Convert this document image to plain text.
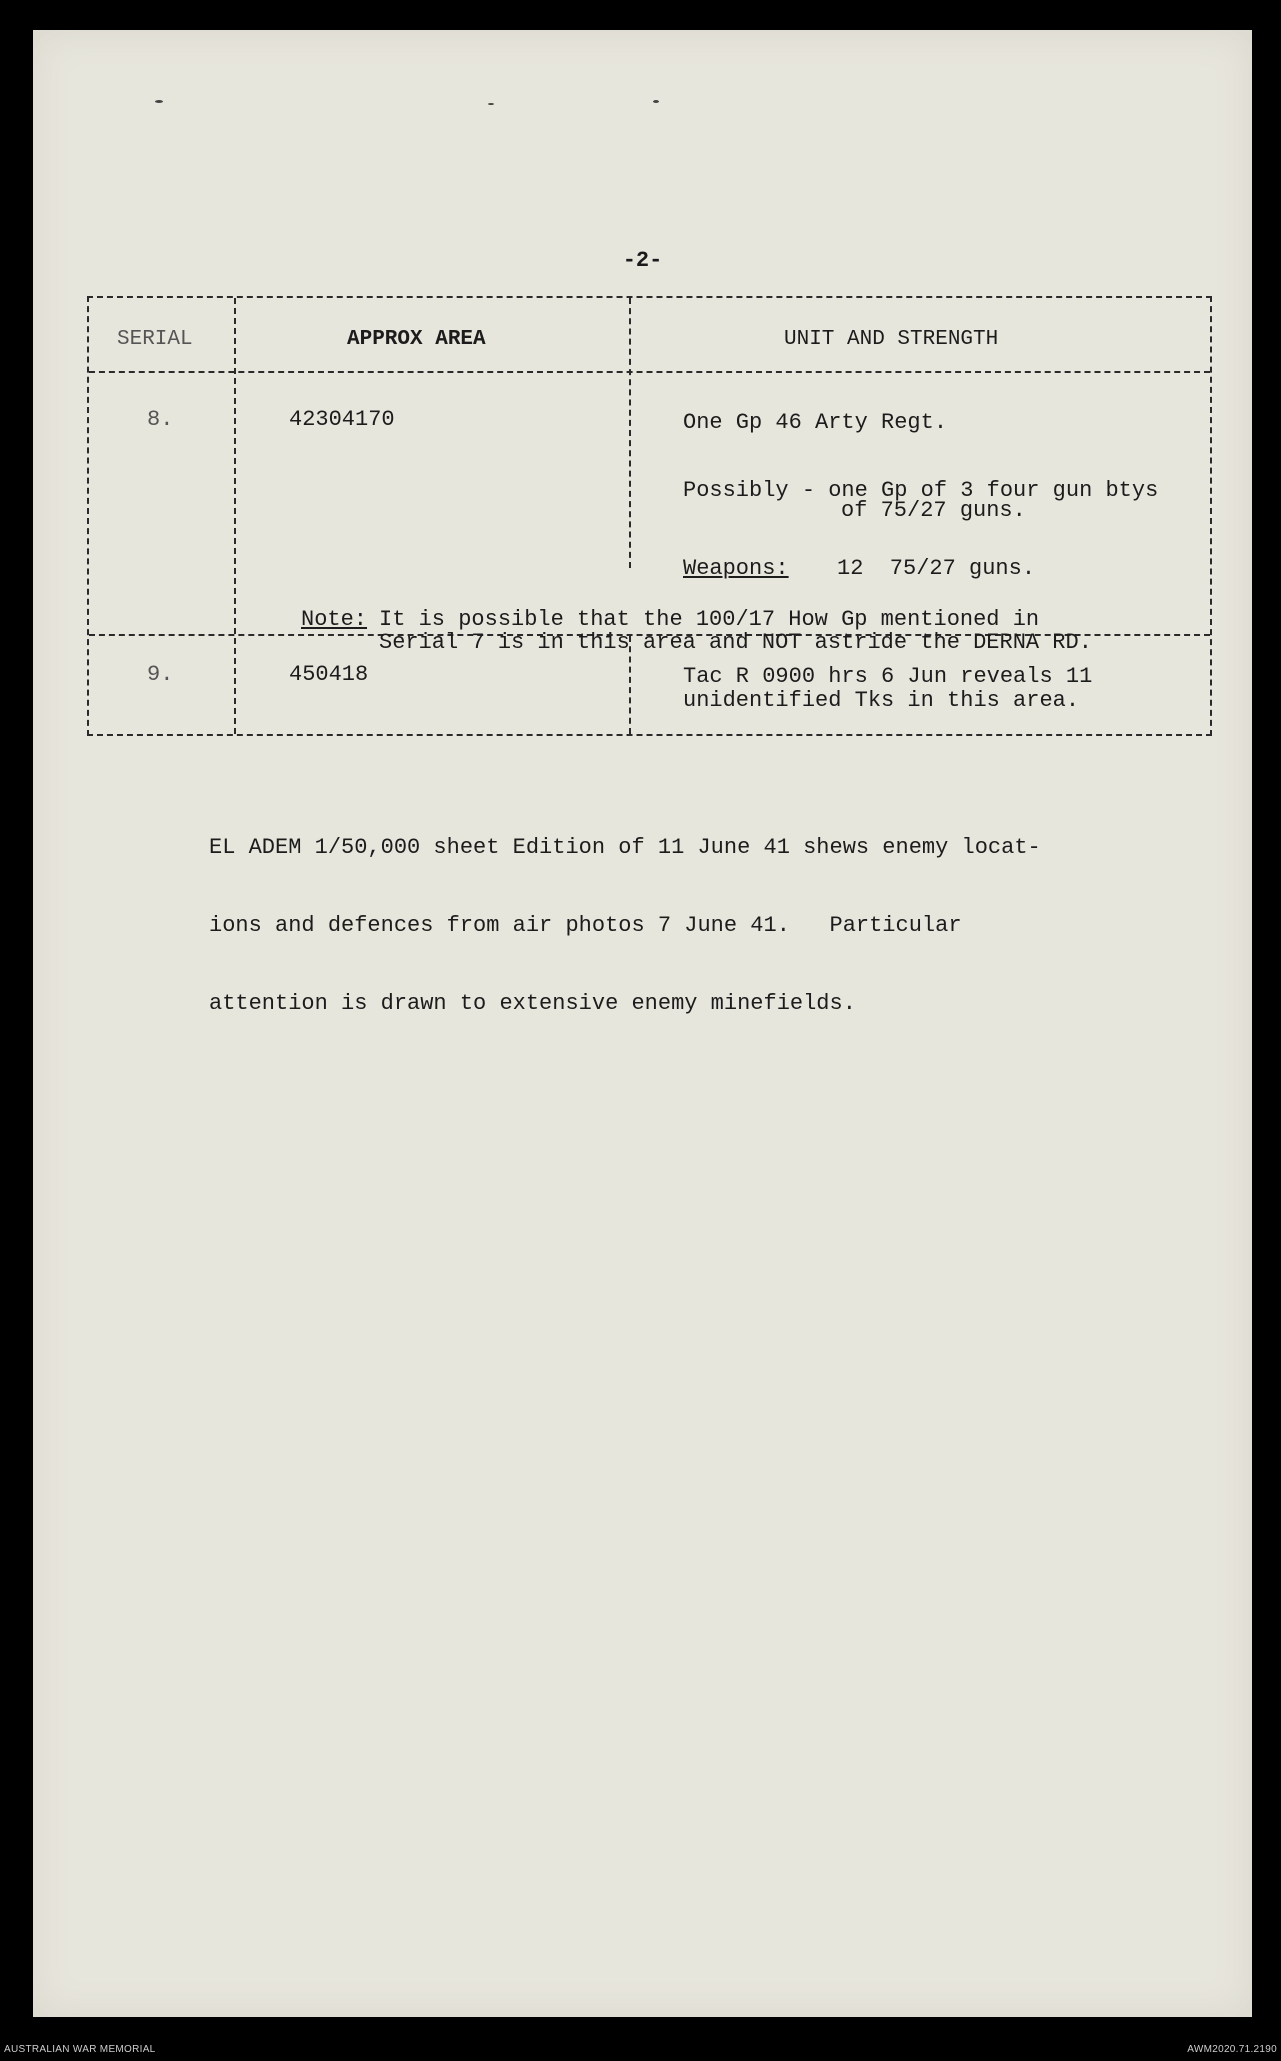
-2-
SERIAL	APPROX AREA	UNIT AND STRENGTH
8.	42304170	One Gp 46 Arty Regt.
Possibly - one Gp of 3 four gun btys
of 75/27 guns.
Weapons: 12  75/27 guns.
Note: It is possible that the 100/17 How Gp mentioned in
Serial 7 is in this area and NOT astride the DERNA RD.
9.	450418	Tac R 0900 hrs 6 Jun reveals 11
unidentified Tks in this area.

EL ADEM 1/50,000 sheet Edition of 11 June 41 shews enemy locat-

ions and defences from air photos 7 June 41.   Particular

attention is drawn to extensive enemy minefields.

AUSTRALIAN WAR MEMORIAL	AWM2020.71.2190
